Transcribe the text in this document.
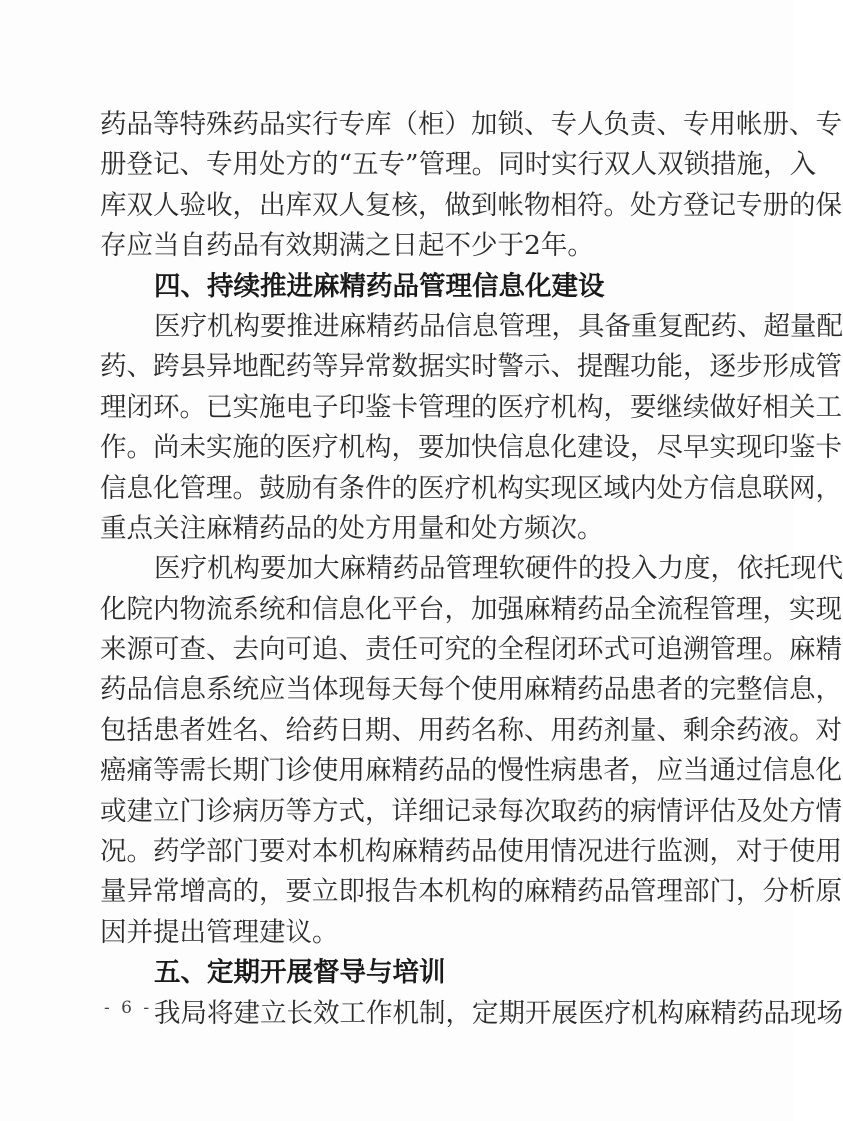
药品等特殊药品实行专库（柜）加锁、专人负责、专用帐册、专
册登记、专用处方的“五专”管理。同时实行双人双锁措施，入
库双人验收，出库双人复核，做到帐物相符。处方登记专册的保
存应当自药品有效期满之日起不少于2年。
四、持续推进麻精药品管理信息化建设
医疗机构要推进麻精药品信息管理，具备重复配药、超量配
药、跨县异地配药等异常数据实时警示、提醒功能，逐步形成管
理闭环。已实施电子印鉴卡管理的医疗机构，要继续做好相关工
作。尚未实施的医疗机构，要加快信息化建设，尽早实现印鉴卡
信息化管理。鼓励有条件的医疗机构实现区域内处方信息联网，
重点关注麻精药品的处方用量和处方频次。
医疗机构要加大麻精药品管理软硬件的投入力度，依托现代
化院内物流系统和信息化平台，加强麻精药品全流程管理，实现
来源可查、去向可追、责任可究的全程闭环式可追溯管理。麻精
药品信息系统应当体现每天每个使用麻精药品患者的完整信息，
包括患者姓名、给药日期、用药名称、用药剂量、剩余药液。对
癌痛等需长期门诊使用麻精药品的慢性病患者，应当通过信息化
或建立门诊病历等方式，详细记录每次取药的病情评估及处方情
况。药学部门要对本机构麻精药品使用情况进行监测，对于使用
量异常增高的，要立即报告本机构的麻精药品管理部门，分析原
因并提出管理建议。
五、定期开展督导与培训
我局将建立长效工作机制，定期开展医疗机构麻精药品现场
- 6 -
